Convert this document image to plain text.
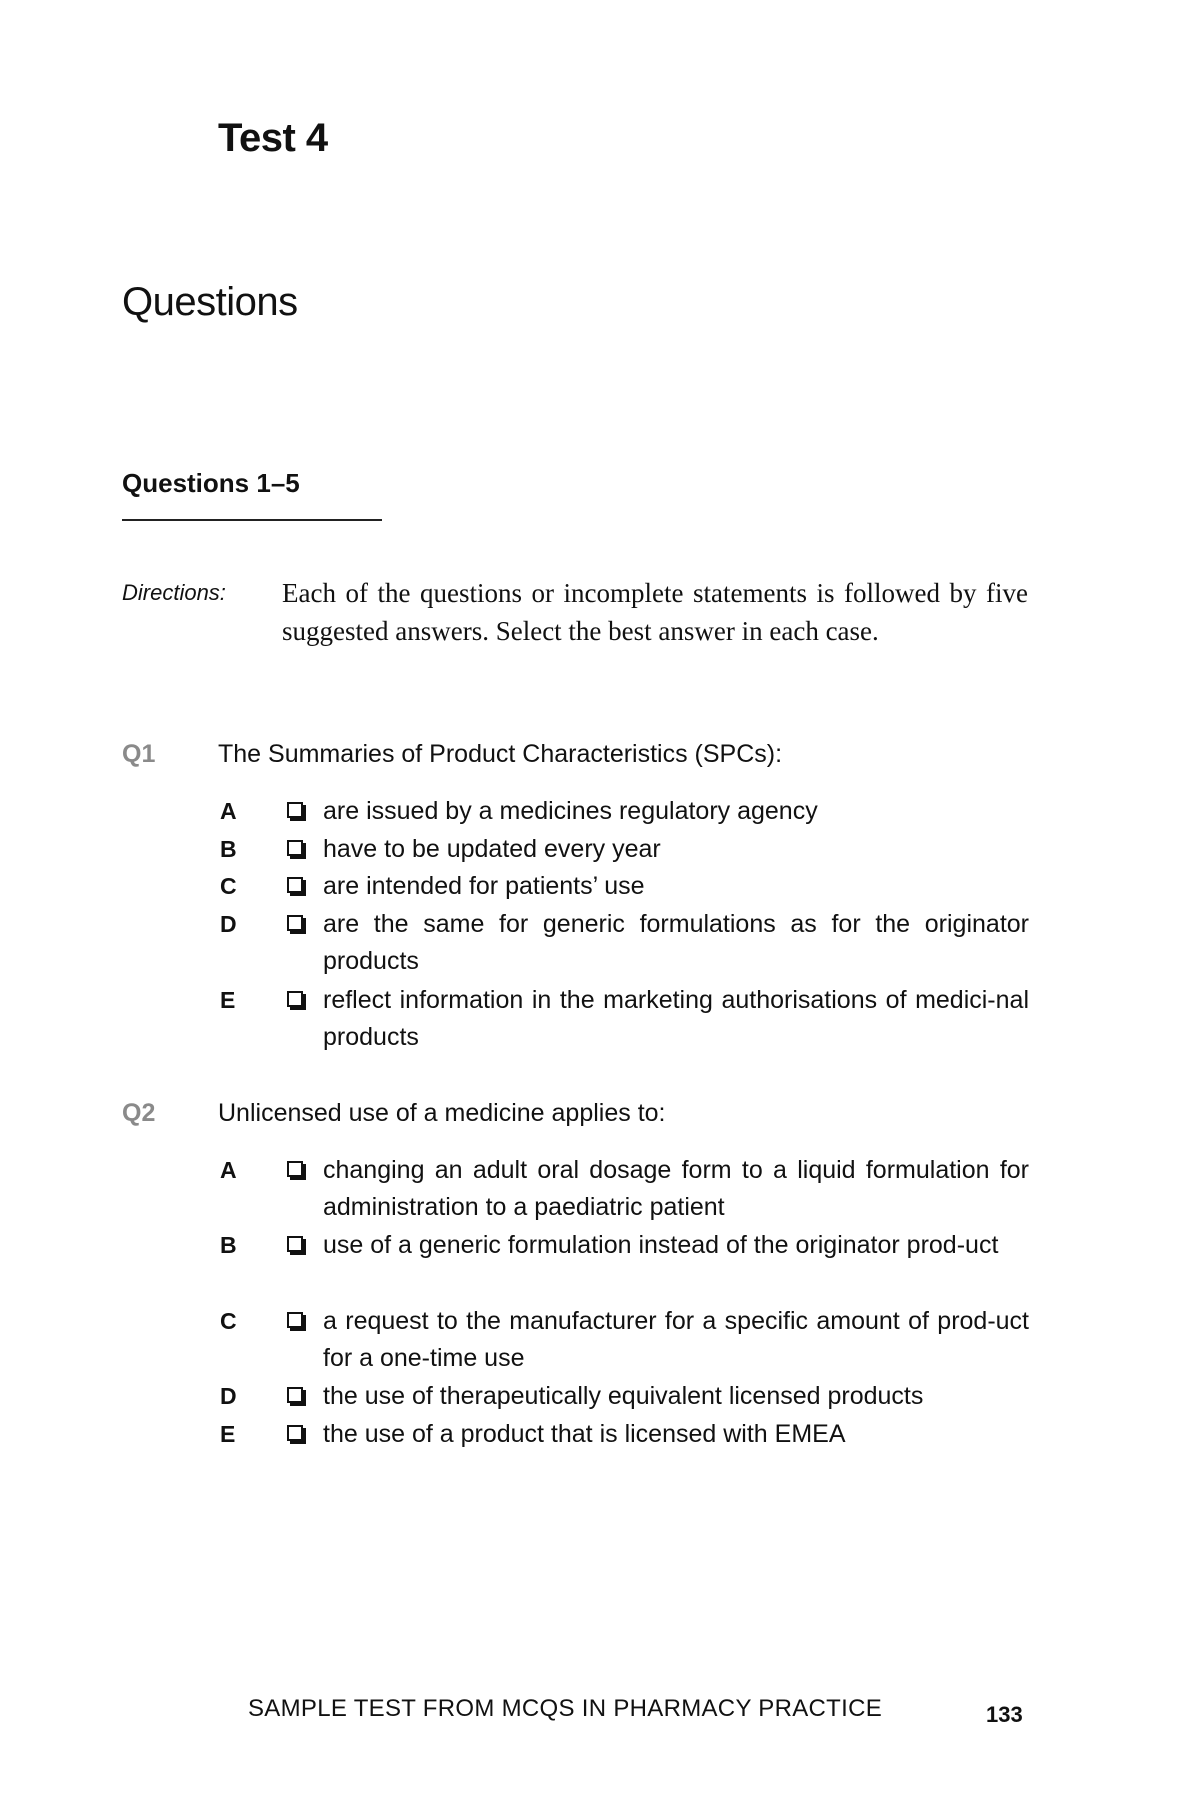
Test 4
Questions
Questions 1–5
Directions: Each of the questions or incomplete statements is followed by five suggested answers. Select the best answer in each case.
Q1	The Summaries of Product Characteristics (SPCs):
A	are issued by a medicines regulatory agency
B	have to be updated every year
C	are intended for patients’ use
D	are the same for generic formulations as for the originator products
E	reflect information in the marketing authorisations of medici-nal products
Q2	Unlicensed use of a medicine applies to:
A	changing an adult oral dosage form to a liquid formulation for administration to a paediatric patient
B	use of a generic formulation instead of the originator prod-uct
C	a request to the manufacturer for a specific amount of prod-uct for a one-time use
D	the use of therapeutically equivalent licensed products
E	the use of a product that is licensed with EMEA
SAMPLE TEST FROM MCQS IN PHARMACY PRACTICE	133
